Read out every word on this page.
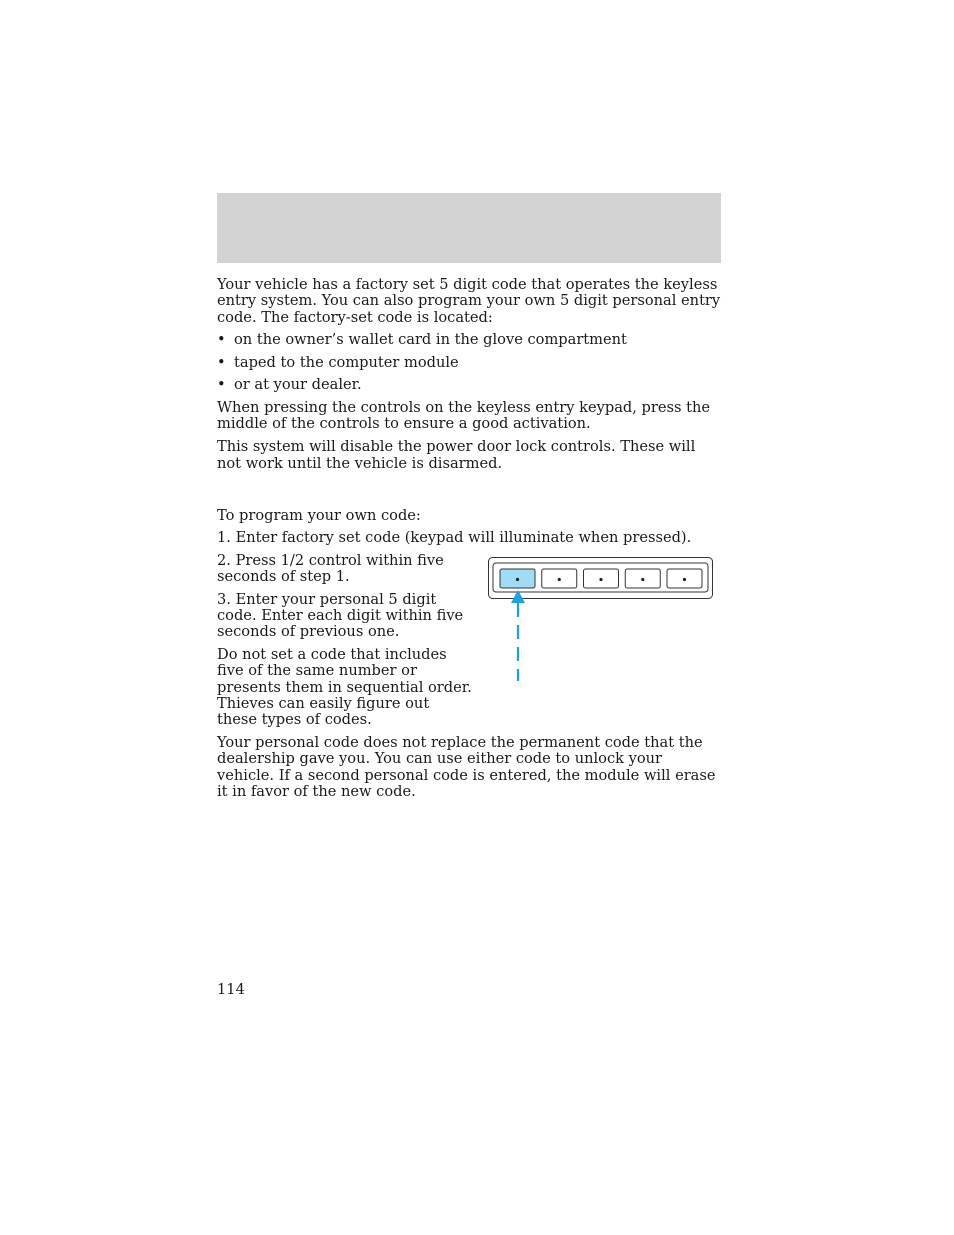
Your vehicle has a factory set 5 digit code that operates the keyless entry system. You can also program your own 5 digit personal entry code. The factory-set code is located:

• on the owner’s wallet card in the glove compartment
• taped to the computer module
• or at your dealer.

When pressing the controls on the keyless entry keypad, press the middle of the controls to ensure a good activation.

This system will disable the power door lock controls. These will not work until the vehicle is disarmed.

To program your own code:

1. Enter factory set code (keypad will illuminate when pressed).

2. Press 1/2 control within five seconds of step 1.

3. Enter your personal 5 digit code. Enter each digit within five seconds of previous one.

Do not set a code that includes five of the same number or presents them in sequential order. Thieves can easily figure out these types of codes.

Your personal code does not replace the permanent code that the dealership gave you. You can use either code to unlock your vehicle. If a second personal code is entered, the module will erase it in favor of the new code.

114
